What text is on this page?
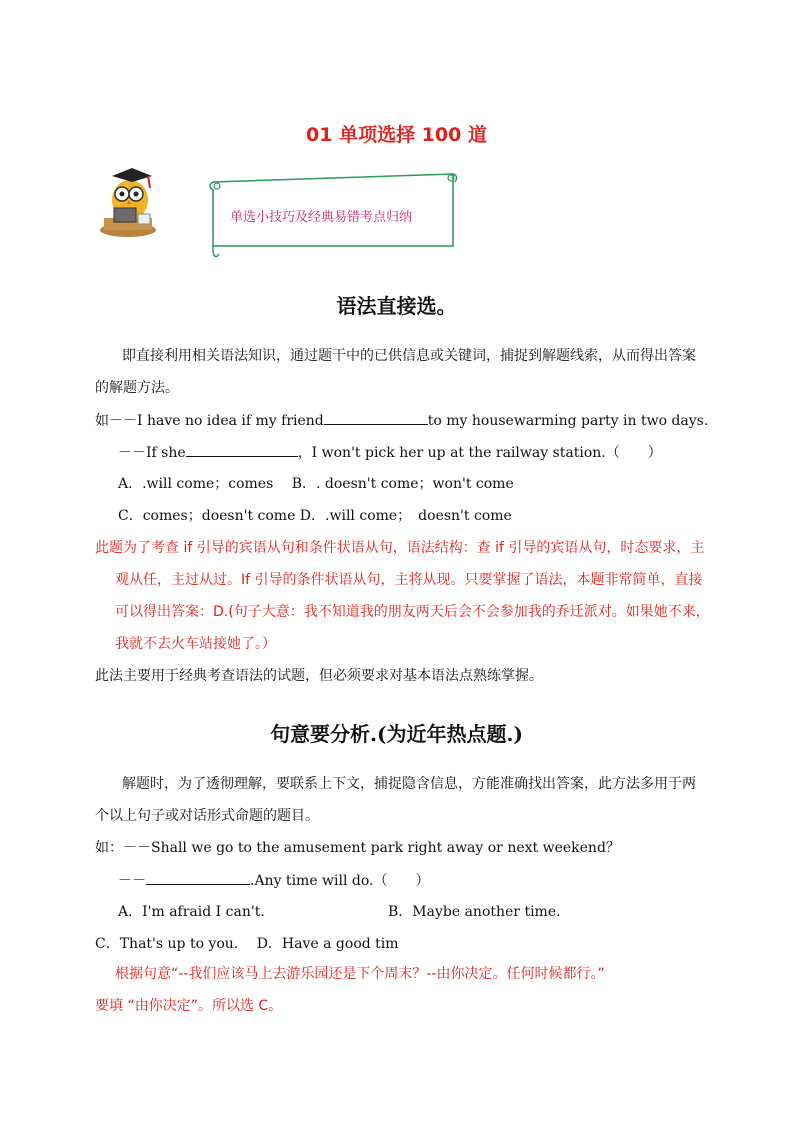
01 单项选择 100 道
单选小技巧及经典易错考点归纳
语法直接选。
即直接利用相关语法知识，通过题干中的已供信息或关键词，捕捉到解题线索，从而得出答案
的解题方法。
如－－I have no idea if my friend	to my housewarming party in two days.
－－If she	，I won't pick her up at the railway station.（　　）
A．.will come；comes　 B．. doesn't come；won't come
C．comes；doesn't come D．.will come；　doesn't come
此题为了考查 if 引导的宾语从句和条件状语从句，语法结构：查 if 引导的宾语从句，时态要求，主
观从任，主过从过。If 引导的条件状语从句，主将从现。只要掌握了语法，本题非常简单，直接
可以得出答案：D.(句子大意：我不知道我的朋友两天后会不会参加我的乔迁派对。如果她不来，
我就不去火车站接她了。）
此法主要用于经典考查语法的试题，但必须要求对基本语法点熟练掌握。
句意要分析.(为近年热点题.)
解题时，为了透彻理解，要联系上下文，捕捉隐含信息，方能准确找出答案，此方法多用于两
个以上句子或对话形式命题的题目。
如：－－Shall we go to the amusement park right away or next weekend？
－－	.Any time will do.（　　）
A．I'm afraid I can't.	B．Maybe another time.
C．That's up to you.　 D．Have a good tim
根据句意“--我们应该马上去游乐园还是下个周末？--由你决定。任何时候都行。”
要填 “由你决定”。所以选 C。
